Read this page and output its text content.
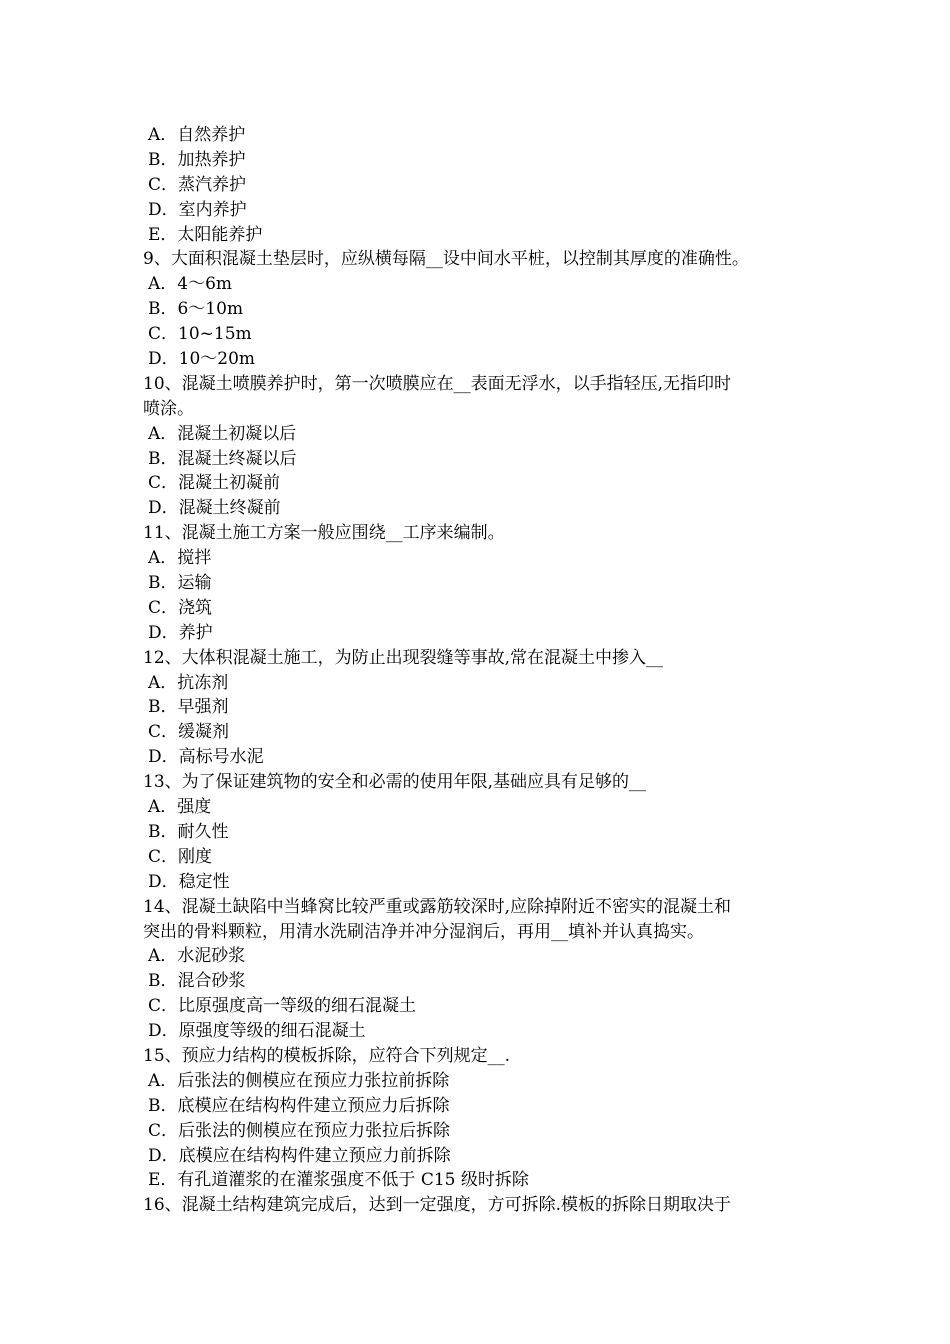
A．自然养护
B．加热养护
C．蒸汽养护
D．室内养护
E．太阳能养护
9、大面积混凝土垫层时，应纵横每隔__设中间水平桩，以控制其厚度的准确性。
A．4～6m
B．6～10m
C．10~15m
D．10～20m
10、混凝土喷膜养护时，第一次喷膜应在__表面无浮水，以手指轻压,无指印时
喷涂。
A．混凝土初凝以后
B．混凝土终凝以后
C．混凝土初凝前
D．混凝土终凝前
11、混凝土施工方案一般应围绕__工序来编制。
A．搅拌
B．运输
C．浇筑
D．养护
12、大体积混凝土施工，为防止出现裂缝等事故,常在混凝土中掺入__
A．抗冻剂
B．早强剂
C．缓凝剂
D．高标号水泥
13、为了保证建筑物的安全和必需的使用年限,基础应具有足够的__
A．强度
B．耐久性
C．刚度
D．稳定性
14、混凝土缺陷中当蜂窝比较严重或露筋较深时,应除掉附近不密实的混凝土和
突出的骨料颗粒，用清水洗刷洁净并冲分湿润后，再用__填补并认真捣实。
A．水泥砂浆
B．混合砂浆
C．比原强度高一等级的细石混凝土
D．原强度等级的细石混凝土
15、预应力结构的模板拆除，应符合下列规定__.
A．后张法的侧模应在预应力张拉前拆除
B．底模应在结构构件建立预应力后拆除
C．后张法的侧模应在预应力张拉后拆除
D．底模应在结构构件建立预应力前拆除
E．有孔道灌浆的在灌浆强度不低于 C15 级时拆除
16、混凝土结构建筑完成后，达到一定强度，方可拆除.模板的拆除日期取决于
